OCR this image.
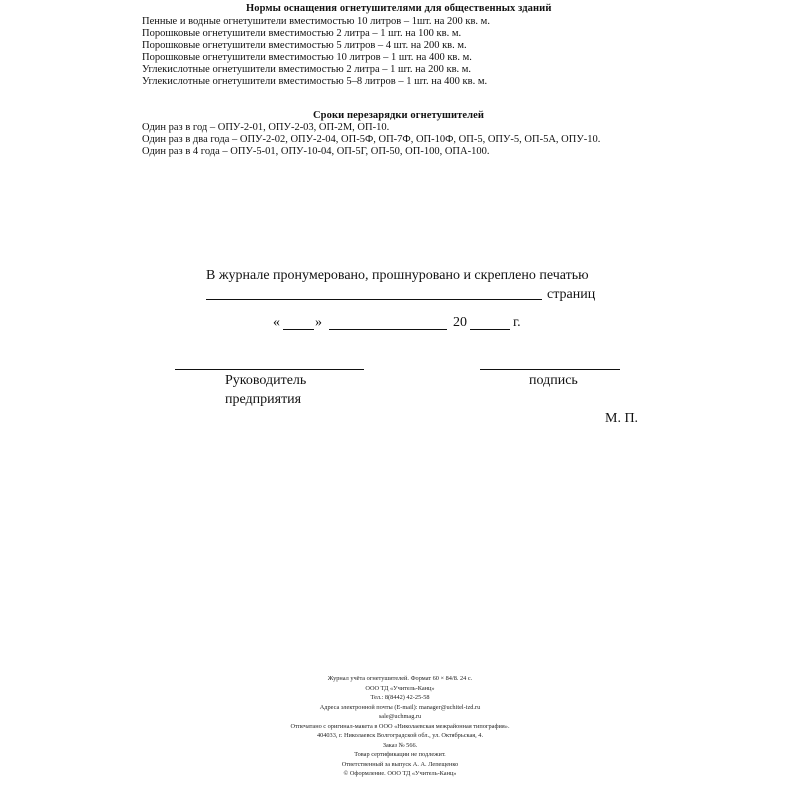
Нормы оснащения огнетушителями для общественных зданий
Пенные и водные огнетушители вместимостью 10 литров – 1шт. на 200 кв. м.
Порошковые огнетушители вместимостью 2 литра – 1 шт. на 100 кв. м.
Порошковые огнетушители вместимостью 5 литров – 4 шт. на 200 кв. м.
Порошковые огнетушители вместимостью 10 литров – 1 шт. на 400 кв. м.
Углекислотные огнетушители вместимостью 2 литра – 1 шт. на 200 кв. м.
Углекислотные огнетушители вместимостью 5–8 литров – 1 шт. на 400 кв. м.
Сроки перезарядки огнетушителей
Один раз в год – ОПУ-2-01, ОПУ-2-03, ОП-2М, ОП-10.
Один раз в два года – ОПУ-2-02, ОПУ-2-04, ОП-5Ф, ОП-7Ф, ОП-10Ф, ОП-5, ОПУ-5, ОП-5А, ОПУ-10.
Один раз в 4 года – ОПУ-5-01, ОПУ-10-04, ОП-5Г, ОП-50, ОП-100, ОПА-100.
В журнале пронумеровано, прошнуровано и скреплено печатью
страниц
«	»	20	г.
Руководитель
предприятия
подпись
М. П.
Журнал учёта огнетушителей. Формат 60 × 84/8. 24 с.
ООО ТД «Учитель-Канц»
Тел.: 8(8442) 42-25-58
Адреса электронной почты (E-mail): manager@uchitel-izd.ru
sale@uchmag.ru
Отпечатано с оригинал-макета в ООО «Николаевская межрайонная типография».
404033, г. Николаевск Волгоградской обл., ул. Октябрьская, 4.
Заказ № 566.
Товар сертификации не подлежит.
Ответственный за выпуск А. А. Лепещенко
© Оформление. ООО ТД «Учитель-Канц»
